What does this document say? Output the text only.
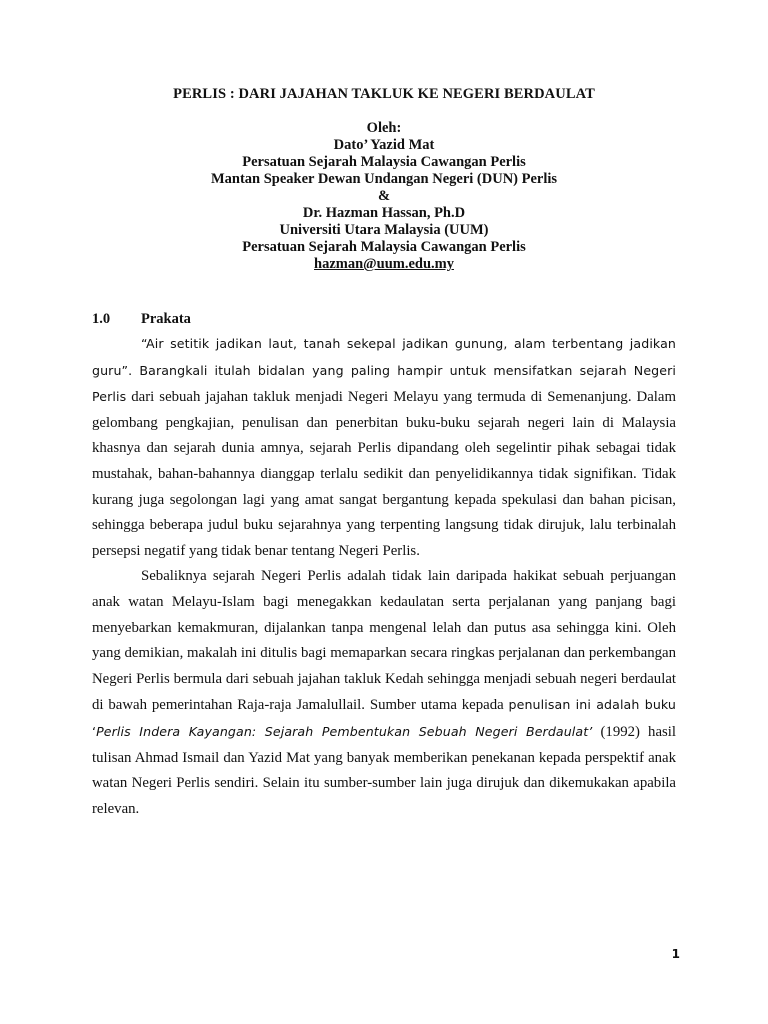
PERLIS : DARI JAJAHAN TAKLUK KE NEGERI BERDAULAT
Oleh:
Dato’ Yazid Mat
Persatuan Sejarah Malaysia Cawangan Perlis
Mantan Speaker Dewan Undangan Negeri (DUN) Perlis
&
Dr. Hazman Hassan, Ph.D
Universiti Utara Malaysia (UUM)
Persatuan Sejarah Malaysia Cawangan Perlis
hazman@uum.edu.my
1.0 Prakata

“Air setitik jadikan laut, tanah sekepal jadikan gunung, alam terbentang jadikan guru”. Barangkali itulah bidalan yang paling hampir untuk mensifatkan sejarah Negeri Perlis dari sebuah jajahan takluk menjadi Negeri Melayu yang termuda di Semenanjung. Dalam gelombang pengkajian, penulisan dan penerbitan buku-buku sejarah negeri lain di Malaysia khasnya dan sejarah dunia amnya, sejarah Perlis dipandang oleh segelintir pihak sebagai tidak mustahak, bahan-bahannya dianggap terlalu sedikit dan penyelidikannya tidak signifikan. Tidak kurang juga segolongan lagi yang amat sangat bergantung kepada spekulasi dan bahan picisan, sehingga beberapa judul buku sejarahnya yang terpenting langsung tidak dirujuk, lalu terbinalah persepsi negatif yang tidak benar tentang Negeri Perlis.

Sebaliknya sejarah Negeri Perlis adalah tidak lain daripada hakikat sebuah perjuangan anak watan Melayu-Islam bagi menegakkan kedaulatan serta perjalanan yang panjang bagi menyebarkan kemakmuran, dijalankan tanpa mengenal lelah dan putus asa sehingga kini. Oleh yang demikian, makalah ini ditulis bagi memaparkan secara ringkas perjalanan dan perkembangan Negeri Perlis bermula dari sebuah jajahan takluk Kedah sehingga menjadi sebuah negeri berdaulat di bawah pemerintahan Raja-raja Jamalullail. Sumber utama kepada penulisan ini adalah buku ‘Perlis Indera Kayangan: Sejarah Pembentukan Sebuah Negeri Berdaulat’ (1992) hasil tulisan Ahmad Ismail dan Yazid Mat yang banyak memberikan penekanan kepada perspektif anak watan Negeri Perlis sendiri. Selain itu sumber-sumber lain juga dirujuk dan dikemukakan apabila relevan.

1
